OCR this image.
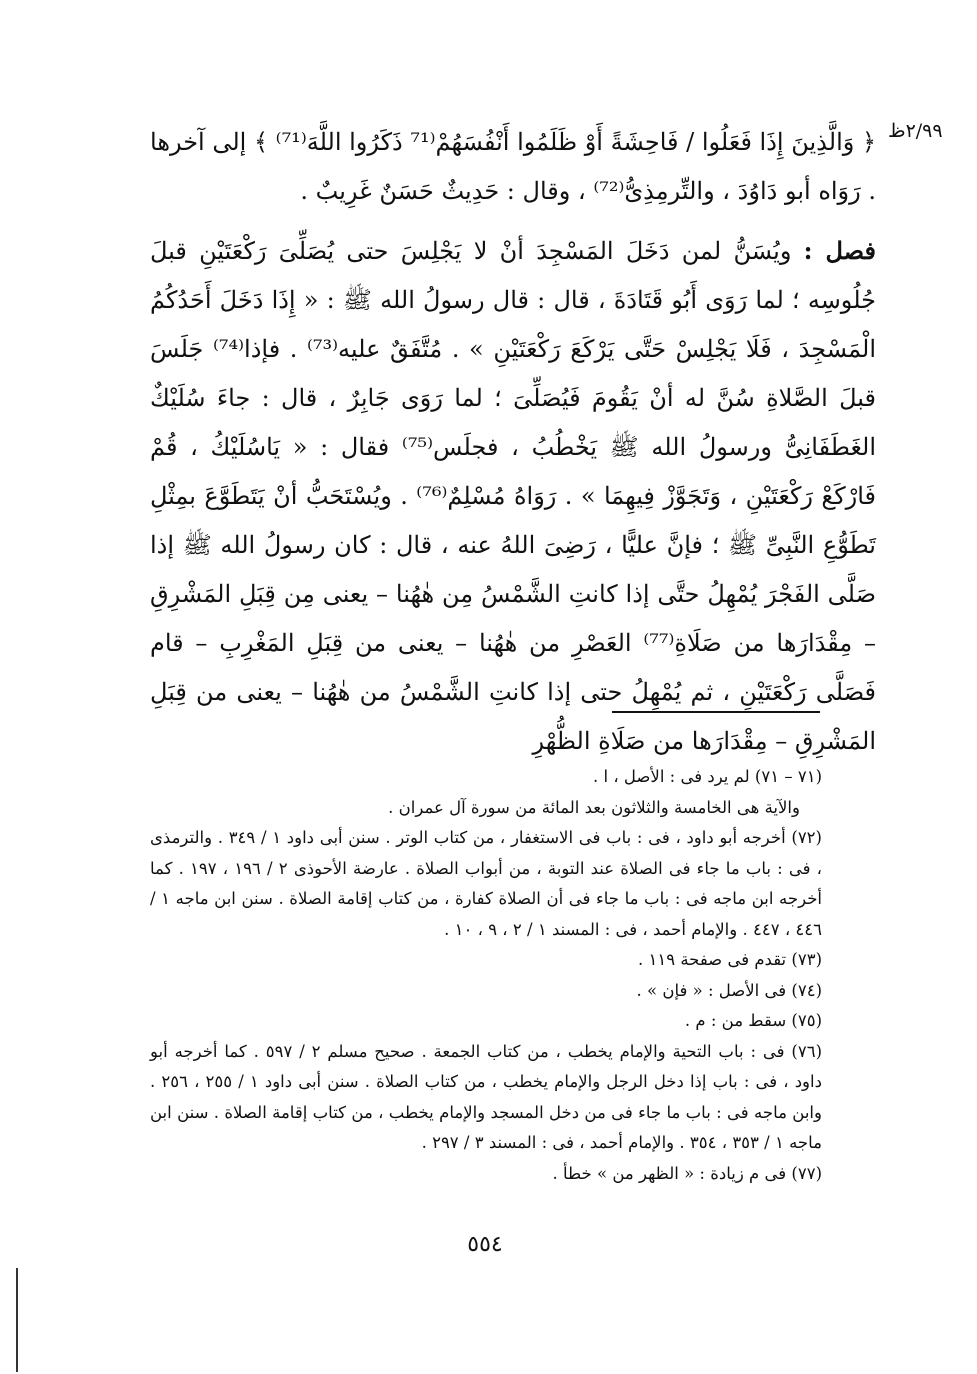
٢/٩٩ظ

﴿ وَالَّذِينَ إِذَا فَعَلُوا / فَاحِشَةً أَوْ ظَلَمُوا أَنْفُسَهُمْ⁽⁷¹ ذَكَرُوا اللَّهَ⁽⁷¹⁾ ﴾ إلى آخرها . رَوَاه أبو دَاوُدَ ، والتِّرمِذِىُّ⁽⁷²⁾ ، وقال : حَدِيثٌ حَسَنٌ غَرِيبٌ .

فصل : ويُسَنُّ لمن دَخَلَ المَسْجِدَ أنْ لا يَجْلِسَ حتى يُصَلِّىَ رَكْعَتَيْنِ قبلَ جُلُوسِه ؛ لما رَوَى أَبُو قَتَادَةَ ، قال : قال رسولُ الله ﷺ : « إِذَا دَخَلَ أَحَدُكُمُ الْمَسْجِدَ ، فَلَا يَجْلِسْ حَتَّى يَرْكَعَ رَكْعَتَيْنِ » . مُتَّفَقٌ عليه⁽⁷³⁾ . فإذا⁽⁷⁴⁾ جَلَسَ قبلَ الصَّلاةِ سُنَّ له أنْ يَقُومَ فَيُصَلِّىَ ؛ لما رَوَى جَابِرٌ ، قال : جاءَ سُلَيْكٌ الغَطَفَانِىُّ ورسولُ الله ﷺ يَخْطُبُ ، فجلَس⁽⁷⁵⁾ فقال : « يَاسُلَيْكُ ، قُمْ فَارْكَعْ رَكْعَتَيْنِ ، وَتَجَوَّزْ فِيهِمَا » . رَوَاهُ مُسْلِمٌ⁽⁷⁶⁾ . ويُسْتَحَبُّ أنْ يَتَطَوَّعَ بمِثْلِ تَطَوُّعِ النَّبِىِّ ﷺ ؛ فإنَّ عليًّا ، رَضِىَ اللهُ عنه ، قال : كان رسولُ الله ﷺ إذا صَلَّى الفَجْرَ يُمْهِلُ حتَّى إذا كانتِ الشَّمْسُ مِن هٰهُنا – يعنى مِن قِبَلِ المَشْرِقِ – مِقْدَارَها من صَلَاةِ⁽⁷⁷⁾ العَصْرِ من هٰهُنا – يعنى من قِبَلِ المَغْرِبِ – قام فَصَلَّى رَكْعَتَيْنِ ، ثم يُمْهِلُ حتى إذا كانتِ الشَّمْسُ من هٰهُنا – يعنى من قِبَلِ المَشْرِقِ – مِقْدَارَها من صَلَاةِ الظُّهْرِ

(٧١ – ٧١) لم يرد فى : الأصل ، ا .

والآية هى الخامسة والثلاثون بعد المائة من سورة آل عمران .

(٧٢) أخرجه أبو داود ، فى : باب فى الاستغفار ، من كتاب الوتر . سنن أبى داود ١ / ٣٤٩ . والترمذى ، فى : باب ما جاء فى الصلاة عند التوبة ، من أبواب الصلاة . عارضة الأحوذى ٢ / ١٩٦ ، ١٩٧ . كما أخرجه ابن ماجه فى : باب ما جاء فى أن الصلاة كفارة ، من كتاب إقامة الصلاة . سنن ابن ماجه ١ / ٤٤٦ ، ٤٤٧ . والإمام أحمد ، فى : المسند ١ / ٢ ، ٩ ، ١٠ .

(٧٣) تقدم فى صفحة ١١٩ .

(٧٤) فى الأصل : « فإن » .

(٧٥) سقط من : م .

(٧٦) فى : باب التحية والإمام يخطب ، من كتاب الجمعة . صحيح مسلم ٢ / ٥٩٧ . كما أخرجه أبو داود ، فى : باب إذا دخل الرجل والإمام يخطب ، من كتاب الصلاة . سنن أبى داود ١ / ٢٥٥ ، ٢٥٦ . وابن ماجه فى : باب ما جاء فى من دخل المسجد والإمام يخطب ، من كتاب إقامة الصلاة . سنن ابن ماجه ١ / ٣٥٣ ، ٣٥٤ . والإمام أحمد ، فى : المسند ٣ / ٢٩٧ .

(٧٧) فى م زيادة : « الظهر من » خطأ .

٥٥٤
